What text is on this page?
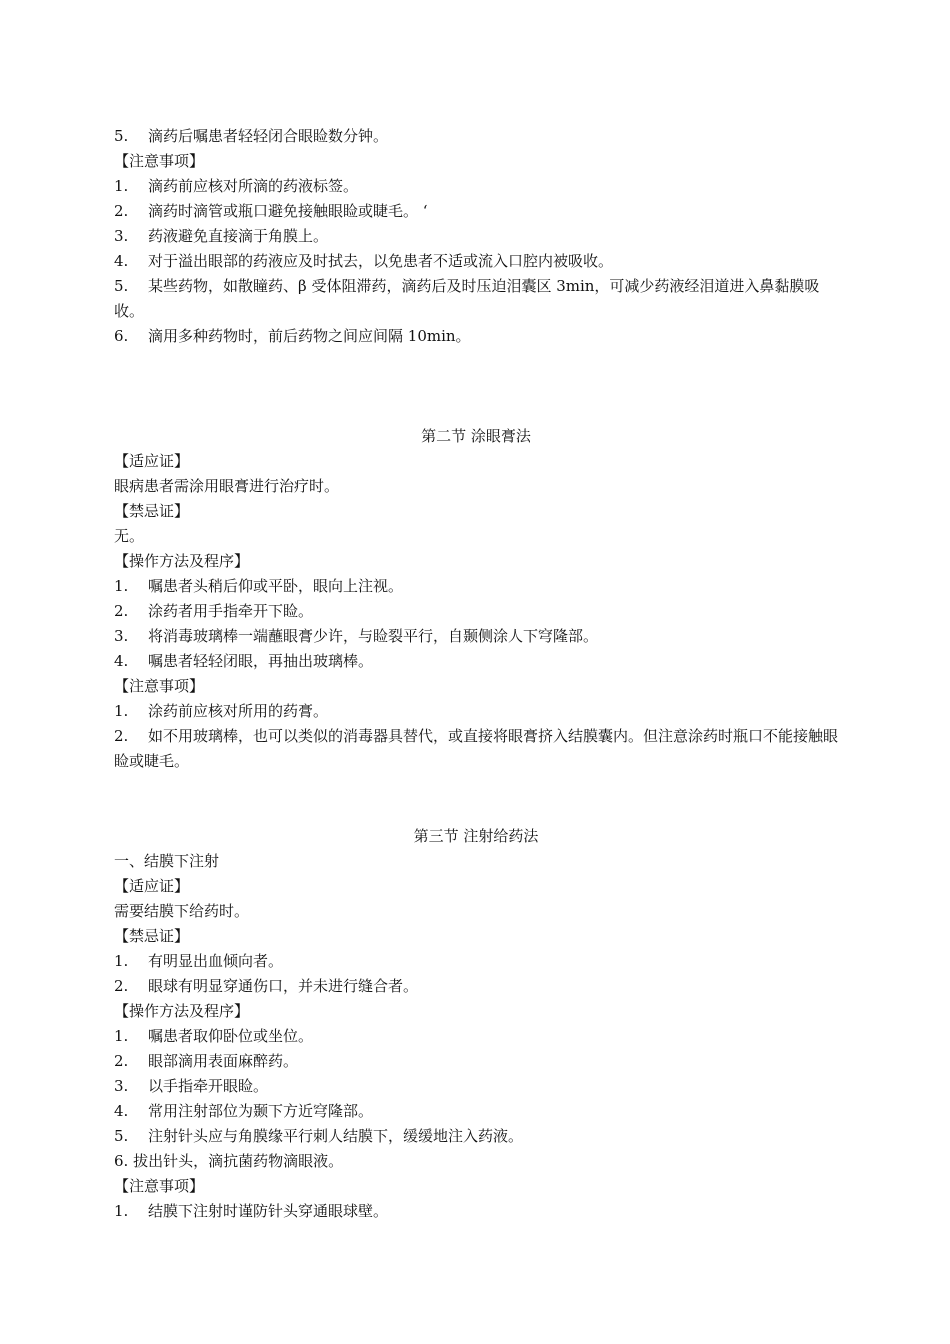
5.	滴药后嘱患者轻轻闭合眼睑数分钟。

【注意事项】

1.	滴药前应核对所滴的药液标签。
2.	滴药时滴管或瓶口避免接触眼睑或睫毛。 ‘
3.	药液避免直接滴于角膜上。
4.	对于溢出眼部的药液应及时拭去，以免患者不适或流入口腔内被吸收。

5. 某些药物，如散瞳药、β 受体阻滞药，滴药后及时压迫泪囊区 3min，可减少药液经泪道进入鼻黏膜吸收。

6.	滴用多种药物时，前后药物之间应间隔 10min。

第二节 涂眼膏法

【适应证】

眼病患者需涂用眼膏进行治疗时。

【禁忌证】

无。

【操作方法及程序】

1.	嘱患者头稍后仰或平卧，眼向上注视。
2.	涂药者用手指牵开下睑。
3.	将消毒玻璃棒一端蘸眼膏少许，与睑裂平行，自颞侧涂人下穹隆部。
4.	嘱患者轻轻闭眼，再抽出玻璃棒。

【注意事项】

1.	涂药前应核对所用的药膏。

2. 如不用玻璃棒，也可以类似的消毒器具替代，或直接将眼膏挤入结膜囊内。但注意涂药时瓶口不能接触眼睑或睫毛。

第三节 注射给药法

一、结膜下注射

【适应证】

需要结膜下给药时。

【禁忌证】

1.	有明显出血倾向者。
2.	眼球有明显穿通伤口，并未进行缝合者。

【操作方法及程序】

1.	嘱患者取仰卧位或坐位。
2.	眼部滴用表面麻醉药。
3.	以手指牵开眼睑。
4.	常用注射部位为颞下方近穹隆部。
5.	注射针头应与角膜缘平行刺人结膜下，缓缓地注入药液。

6. 拔出针头，滴抗菌药物滴眼液。

【注意事项】

1.	结膜下注射时谨防针头穿通眼球壁。
